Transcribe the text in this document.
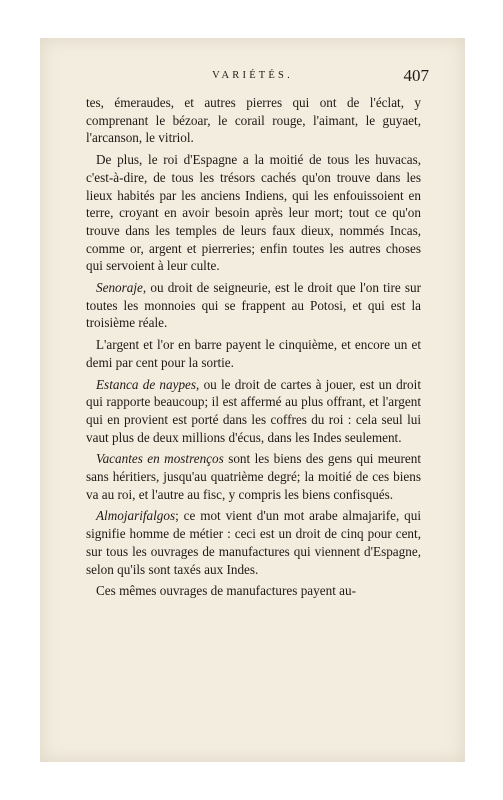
VARIÉTÉS.	407

tes, émeraudes, et autres pierres qui ont de l'éclat, y comprenant le bézoar, le corail rouge, l'aimant, le guyaet, l'arcanson, le vitriol.

De plus, le roi d'Espagne a la moitié de tous les huvacas, c'est-à-dire, de tous les trésors cachés qu'on trouve dans les lieux habités par les anciens Indiens, qui les enfouissoient en terre, croyant en avoir besoin après leur mort; tout ce qu'on trouve dans les temples de leurs faux dieux, nommés Incas, comme or, argent et pierreries; enfin toutes les autres choses qui servoient à leur culte.

Senoraje, ou droit de seigneurie, est le droit que l'on tire sur toutes les monnoies qui se frappent au Potosi, et qui est la troisième réale.

L'argent et l'or en barre payent le cinquième, et encore un et demi par cent pour la sortie.

Estanca de naypes, ou le droit de cartes à jouer, est un droit qui rapporte beaucoup; il est affermé au plus offrant, et l'argent qui en provient est porté dans les coffres du roi : cela seul lui vaut plus de deux millions d'écus, dans les Indes seulement.

Vacantes en mostrenços sont les biens des gens qui meurent sans héritiers, jusqu'au quatrième degré; la moitié de ces biens va au roi, et l'autre au fisc, y compris les biens confisqués.

Almojarifalgos; ce mot vient d'un mot arabe almajarife, qui signifie homme de métier : ceci est un droit de cinq pour cent, sur tous les ouvrages de manufactures qui viennent d'Espagne, selon qu'ils sont taxés aux Indes.

Ces mêmes ouvrages de manufactures payent au-
